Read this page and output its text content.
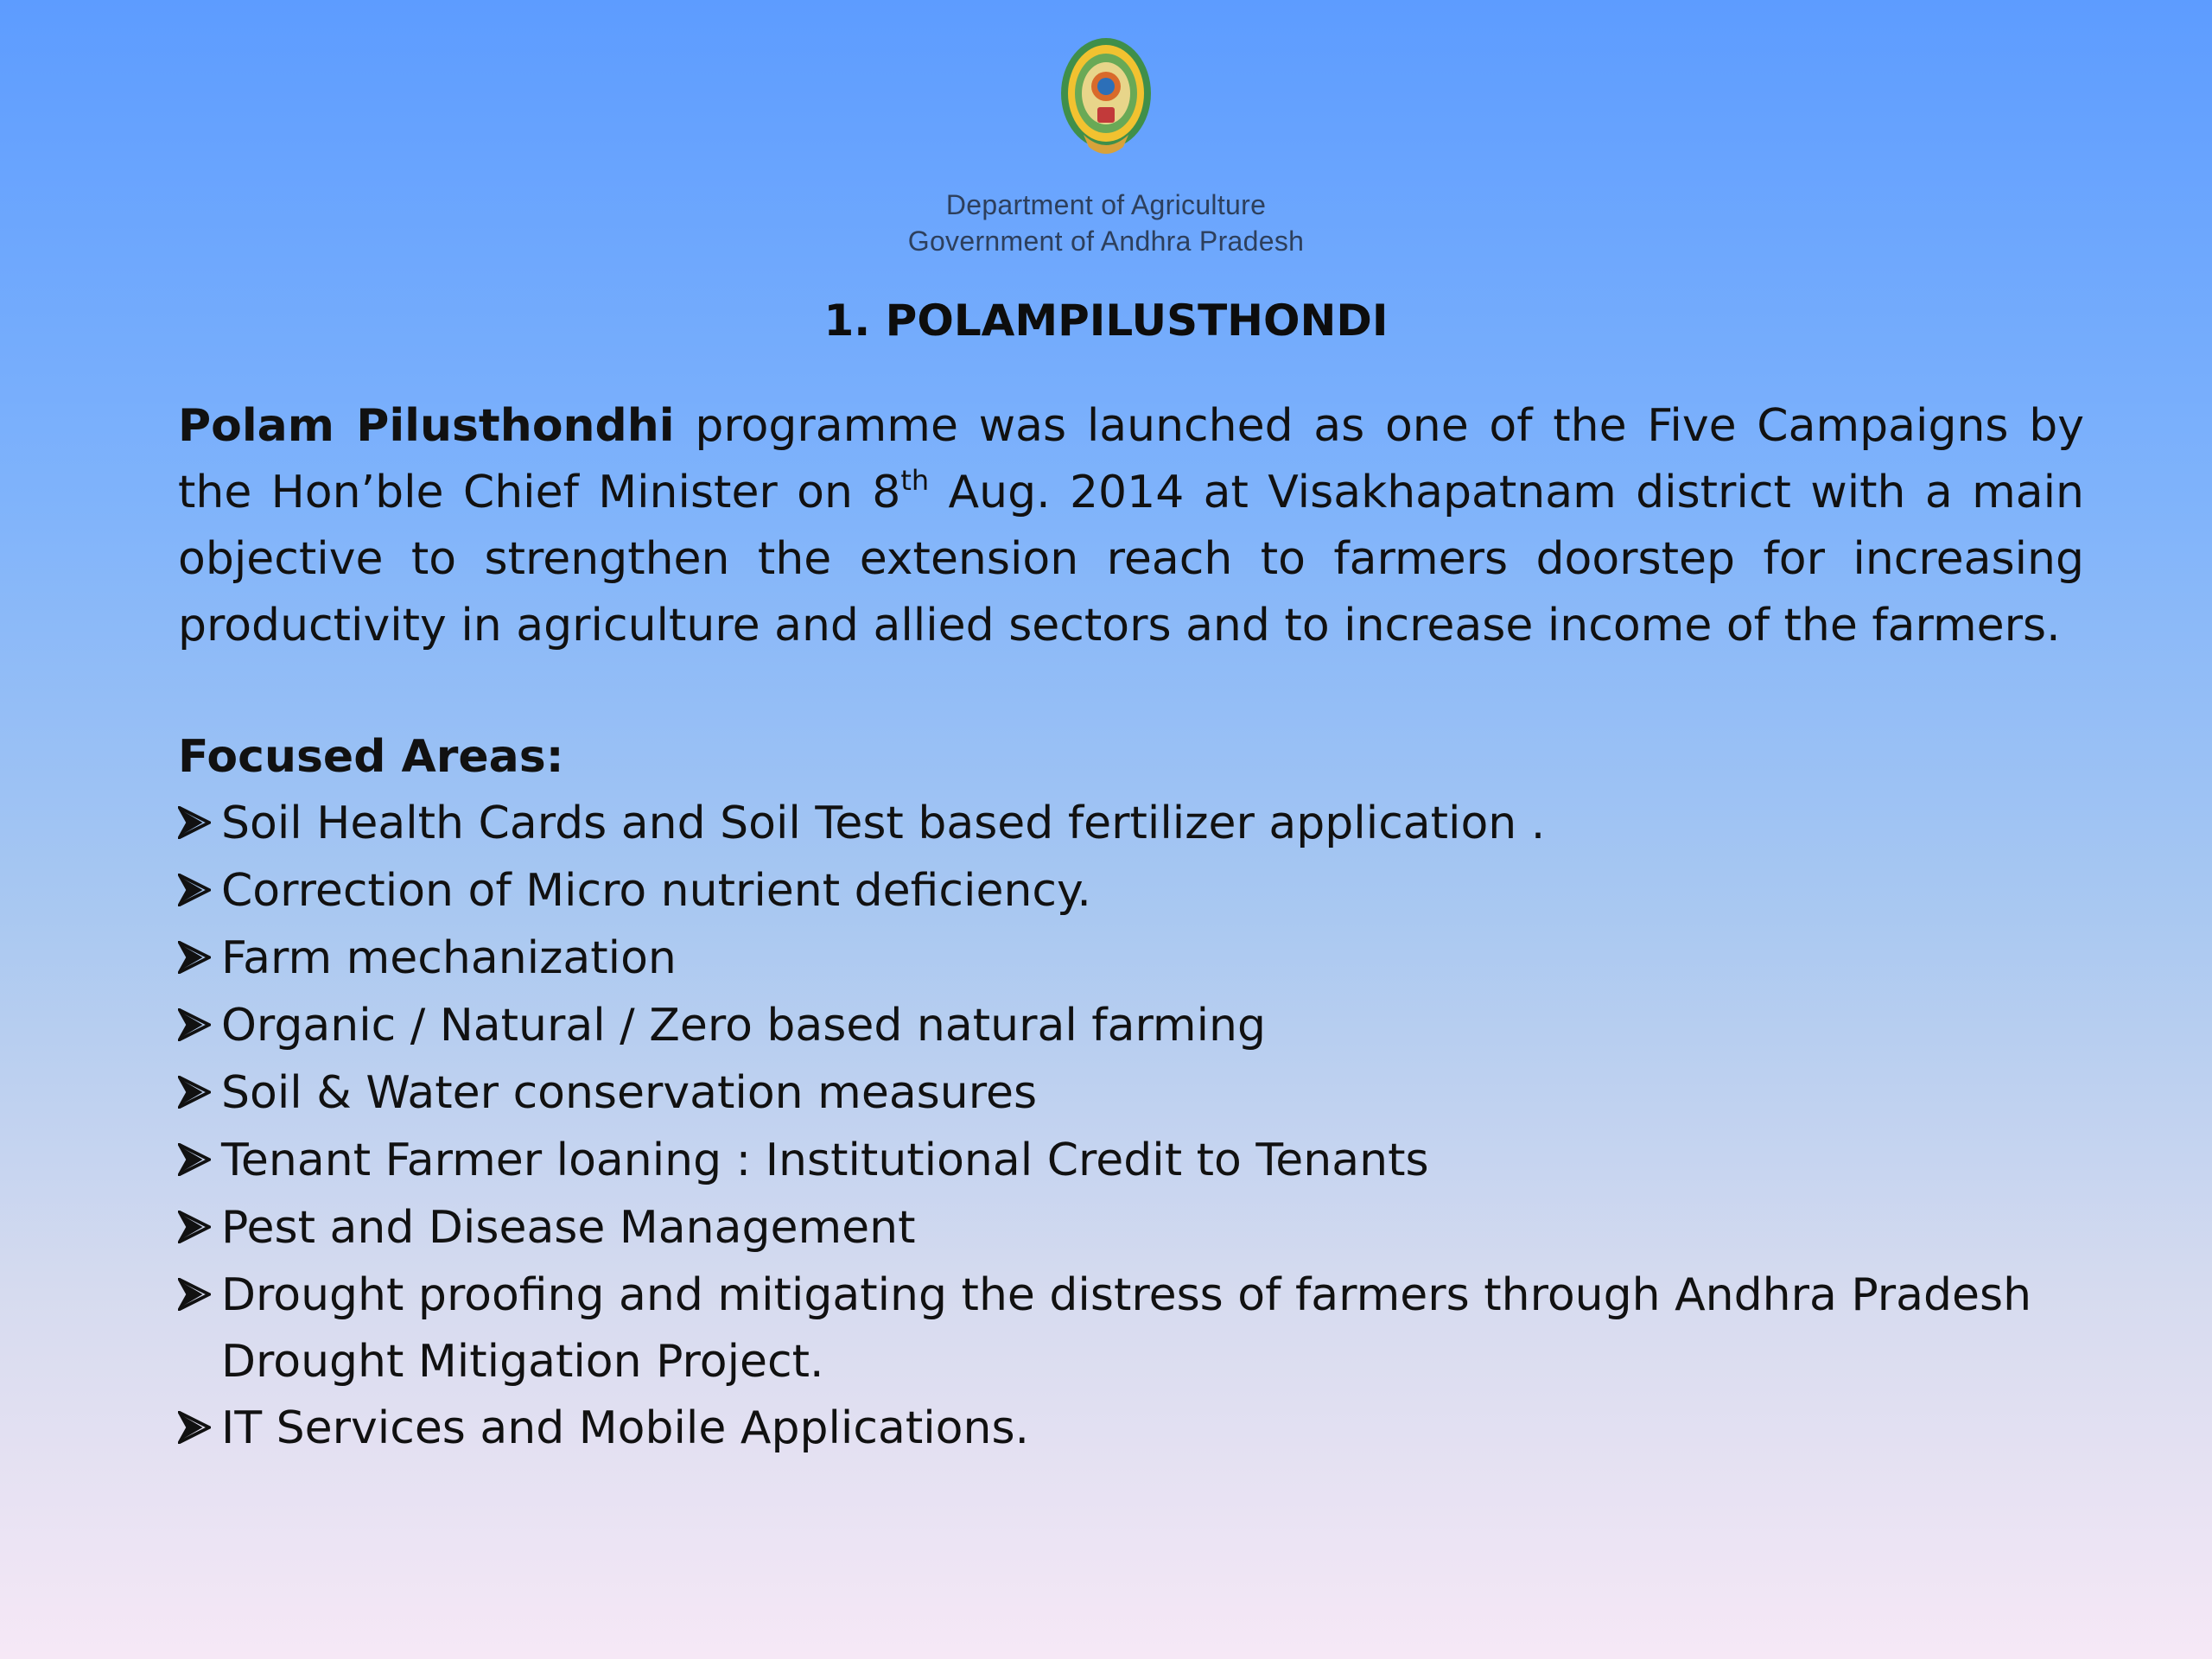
Department of Agriculture
Government of Andhra Pradesh
1. POLAMPILUSTHONDI

Polam Pilusthondhi programme was launched as one of the Five Campaigns by the Hon’ble Chief Minister on 8th Aug. 2014 at Visakhapatnam district with a main objective to strengthen the extension reach to farmers doorstep for increasing productivity in agriculture and allied sectors and to increase income of the farmers.

Focused Areas:
Soil Health Cards and Soil Test based fertilizer application .
Correction of Micro nutrient deficiency.
Farm mechanization
Organic / Natural / Zero based natural farming
Soil & Water conservation measures
Tenant Farmer loaning : Institutional Credit to Tenants
Pest and Disease Management
Drought proofing and mitigating the distress of farmers through Andhra Pradesh Drought Mitigation Project.
IT Services and Mobile Applications.
